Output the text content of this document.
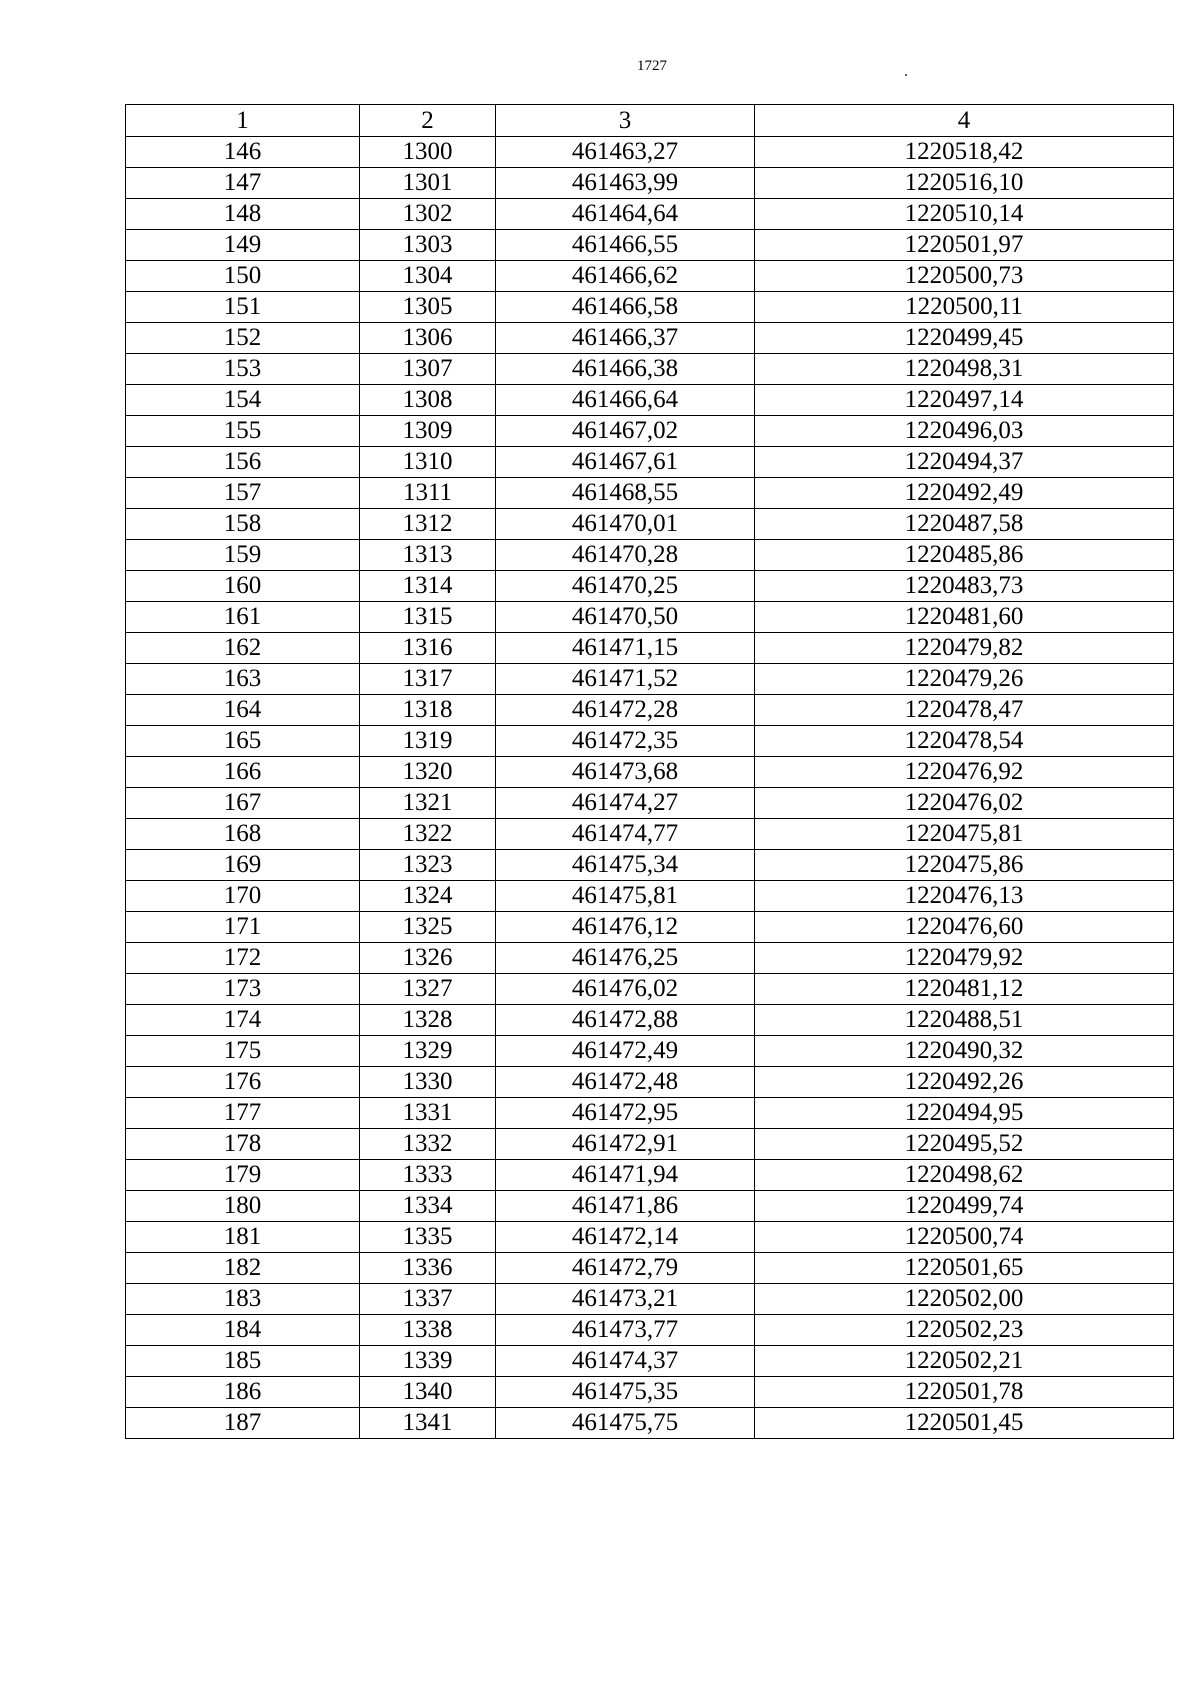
1727
1	2	3	4
146	1300	461463,27	1220518,42
147	1301	461463,99	1220516,10
148	1302	461464,64	1220510,14
149	1303	461466,55	1220501,97
150	1304	461466,62	1220500,73
151	1305	461466,58	1220500,11
152	1306	461466,37	1220499,45
153	1307	461466,38	1220498,31
154	1308	461466,64	1220497,14
155	1309	461467,02	1220496,03
156	1310	461467,61	1220494,37
157	1311	461468,55	1220492,49
158	1312	461470,01	1220487,58
159	1313	461470,28	1220485,86
160	1314	461470,25	1220483,73
161	1315	461470,50	1220481,60
162	1316	461471,15	1220479,82
163	1317	461471,52	1220479,26
164	1318	461472,28	1220478,47
165	1319	461472,35	1220478,54
166	1320	461473,68	1220476,92
167	1321	461474,27	1220476,02
168	1322	461474,77	1220475,81
169	1323	461475,34	1220475,86
170	1324	461475,81	1220476,13
171	1325	461476,12	1220476,60
172	1326	461476,25	1220479,92
173	1327	461476,02	1220481,12
174	1328	461472,88	1220488,51
175	1329	461472,49	1220490,32
176	1330	461472,48	1220492,26
177	1331	461472,95	1220494,95
178	1332	461472,91	1220495,52
179	1333	461471,94	1220498,62
180	1334	461471,86	1220499,74
181	1335	461472,14	1220500,74
182	1336	461472,79	1220501,65
183	1337	461473,21	1220502,00
184	1338	461473,77	1220502,23
185	1339	461474,37	1220502,21
186	1340	461475,35	1220501,78
187	1341	461475,75	1220501,45
